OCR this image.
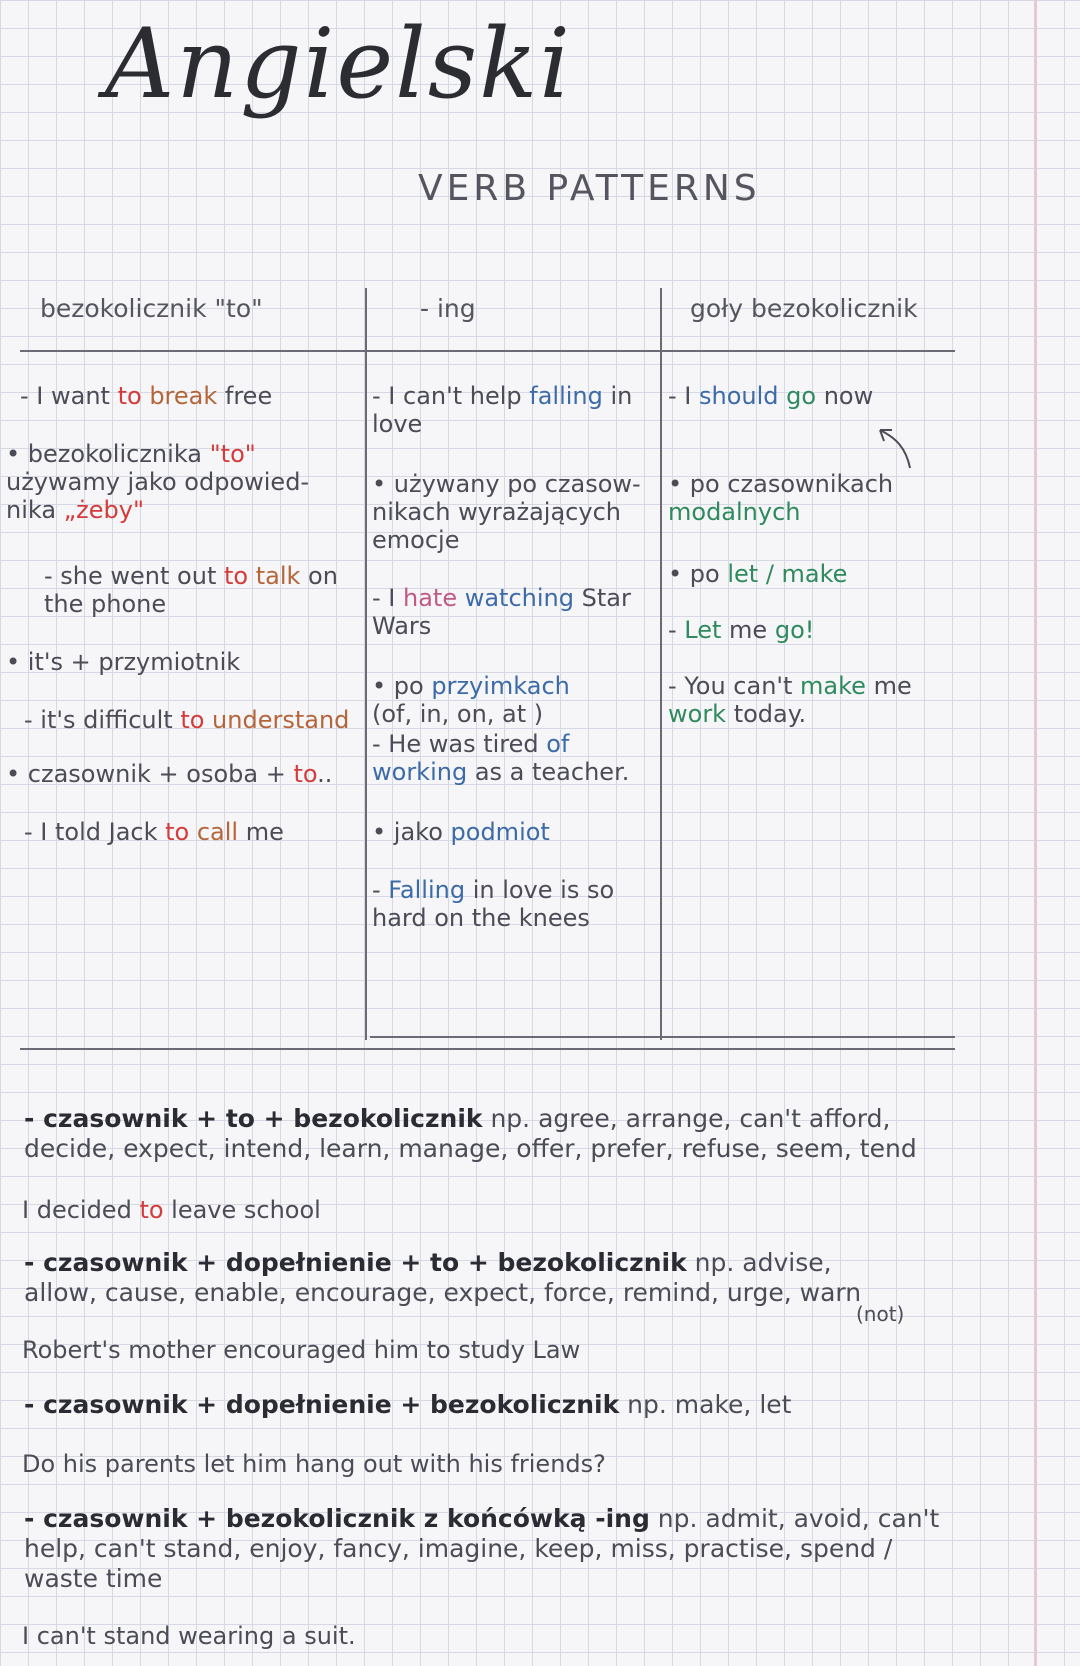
Angielski
VERB PATTERNS
bezokolicznik "to"	- ing	goły bezokolicznik
- I want to break free
• bezokolicznika "to" używamy jako odpowied-nika „żeby"
- she went out to talk on the phone
• it's + przymiotnik
- it's difficult to understand
• czasownik + osoba + to..
- I told Jack to call me
- I can't help falling in love
• używany po czasow-nikach wyrażających emocje
- I hate watching Star Wars
• po przyimkach
(of, in, on, at )
- He was tired of working as a teacher.
• jako podmiot
- Falling in love is so hard on the knees
- I should go now
• po czasownikach modalnych
• po let / make
- Let me go!
- You can't make me work today.
- czasownik + to + bezokolicznik np. agree, arrange, can't afford, decide, expect, intend, learn, manage, offer, prefer, refuse, seem, tend
I decided to leave school
- czasownik + dopełnienie + to + bezokolicznik np. advise, allow, cause, enable, encourage, expect, force, remind, urge, warn
(not)
Robert's mother encouraged him to study Law
- czasownik + dopełnienie + bezokolicznik np. make, let
Do his parents let him hang out with his friends?
- czasownik + bezokolicznik z końcówką -ing np. admit, avoid, can't help, can't stand, enjoy, fancy, imagine, keep, miss, practise, spend / waste time
I can't stand wearing a suit.
